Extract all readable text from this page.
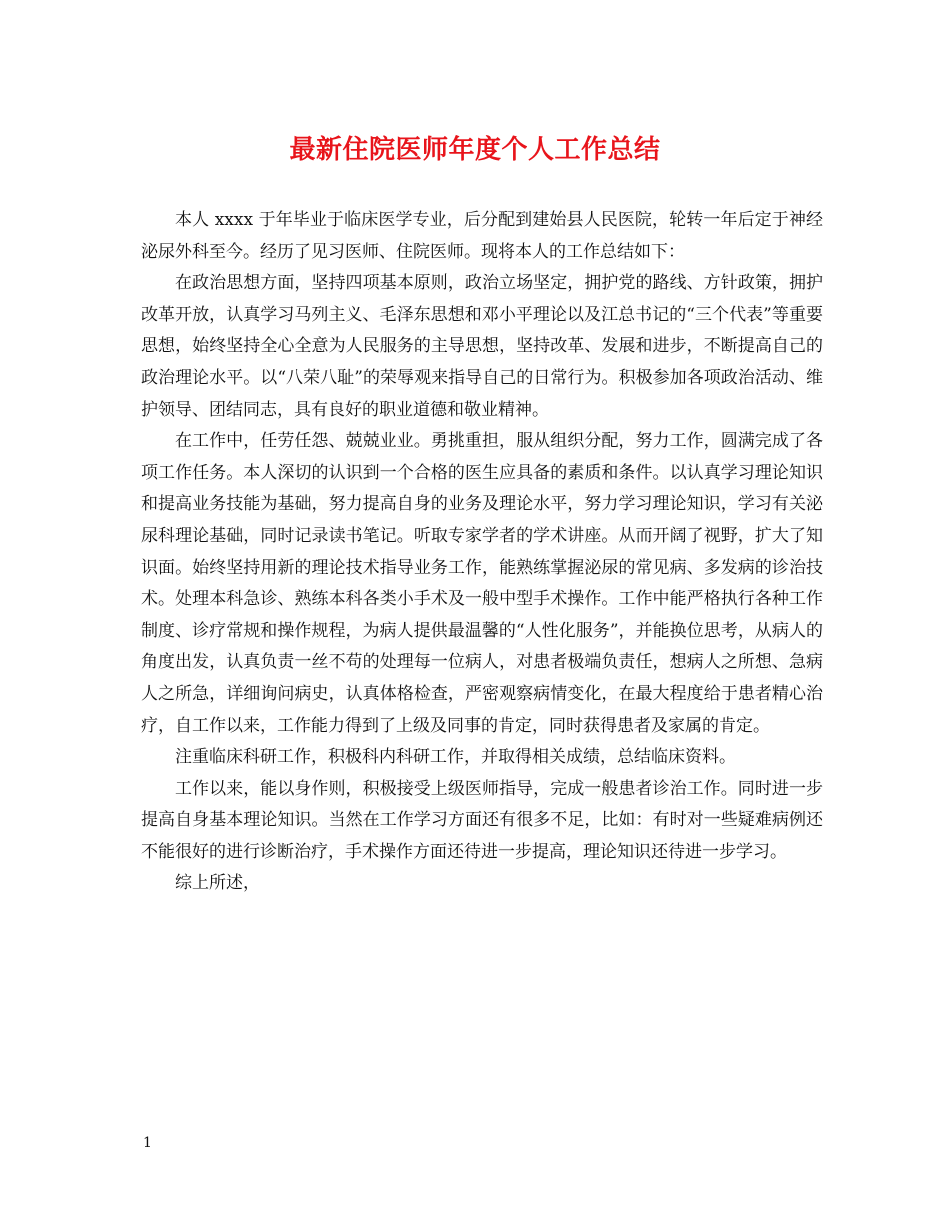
最新住院医师年度个人工作总结

本人 xxxx 于年毕业于临床医学专业，后分配到建始县人民医院，轮转一年后定于神经泌尿外科至今。经历了见习医师、住院医师。现将本人的工作总结如下：

在政治思想方面，坚持四项基本原则，政治立场坚定，拥护党的路线、方针政策，拥护改革开放，认真学习马列主义、毛泽东思想和邓小平理论以及江总书记的“三个代表”等重要思想，始终坚持全心全意为人民服务的主导思想，坚持改革、发展和进步，不断提高自己的政治理论水平。以“八荣八耻”的荣辱观来指导自己的日常行为。积极参加各项政治活动、维护领导、团结同志，具有良好的职业道德和敬业精神。

在工作中，任劳任怨、兢兢业业。勇挑重担，服从组织分配，努力工作，圆满完成了各项工作任务。本人深切的认识到一个合格的医生应具备的素质和条件。以认真学习理论知识和提高业务技能为基础，努力提高自身的业务及理论水平，努力学习理论知识，学习有关泌尿科理论基础，同时记录读书笔记。听取专家学者的学术讲座。从而开阔了视野，扩大了知识面。始终坚持用新的理论技术指导业务工作，能熟练掌握泌尿的常见病、多发病的诊治技术。处理本科急诊、熟练本科各类小手术及一般中型手术操作。工作中能严格执行各种工作制度、诊疗常规和操作规程，为病人提供最温馨的“人性化服务”，并能换位思考，从病人的角度出发，认真负责一丝不苟的处理每一位病人，对患者极端负责任，想病人之所想、急病人之所急，详细询问病史，认真体格检查，严密观察病情变化，在最大程度给于患者精心治疗，自工作以来，工作能力得到了上级及同事的肯定，同时获得患者及家属的肯定。

注重临床科研工作，积极科内科研工作，并取得相关成绩，总结临床资料。

工作以来，能以身作则，积极接受上级医师指导，完成一般患者诊治工作。同时进一步提高自身基本理论知识。当然在工作学习方面还有很多不足，比如：有时对一些疑难病例还不能很好的进行诊断治疗，手术操作方面还待进一步提高，理论知识还待进一步学习。

综上所述，

1
